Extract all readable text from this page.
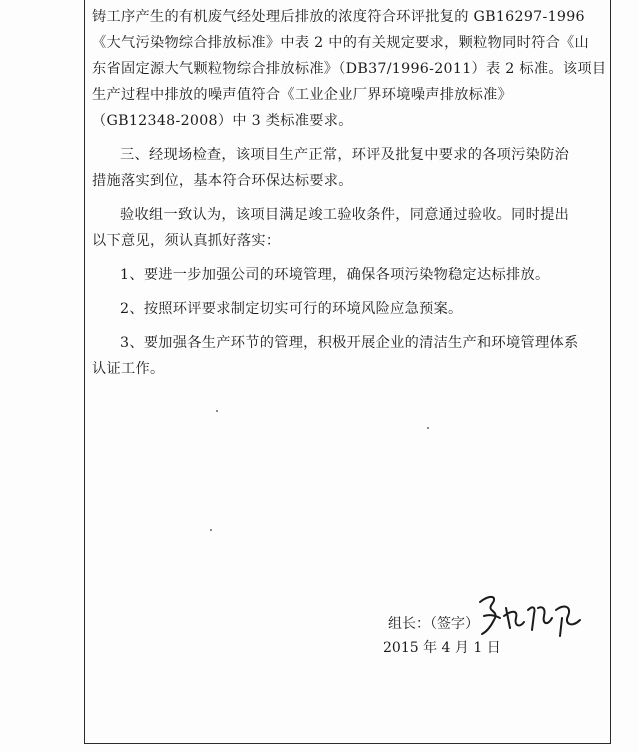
铸工序产生的有机废气经处理后排放的浓度符合环评批复的 GB16297-1996
《大气污染物综合排放标准》中表 2 中的有关规定要求，颗粒物同时符合《山
东省固定源大气颗粒物综合排放标准》（DB37/1996-2011）表 2 标准。该项目
生产过程中排放的噪声值符合《工业企业厂界环境噪声排放标准》
（GB12348-2008）中 3 类标准要求。
三、经现场检查，该项目生产正常，环评及批复中要求的各项污染防治
措施落实到位，基本符合环保达标要求。
验收组一致认为，该项目满足竣工验收条件，同意通过验收。同时提出
以下意见，须认真抓好落实：
1、要进一步加强公司的环境管理，确保各项污染物稳定达标排放。
2、按照环评要求制定切实可行的环境风险应急预案。
3、要加强各生产环节的管理，积极开展企业的清洁生产和环境管理体系
认证工作。
组长：（签字）
2015 年 4 月 1 日
